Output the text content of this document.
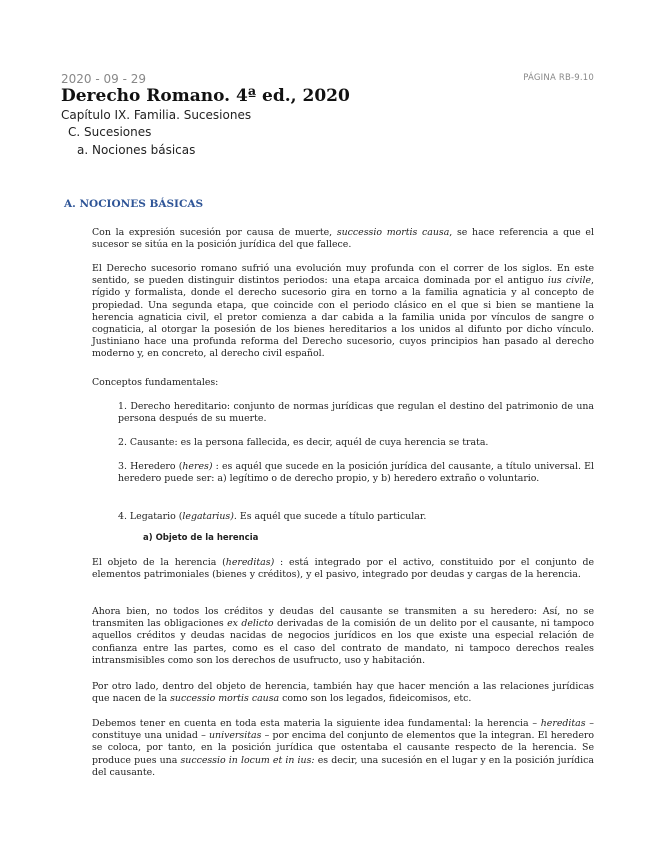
2020 - 09 - 29	PÁGINA RB-9.10
Derecho Romano. 4ª ed., 2020
Capítulo IX. Familia. Sucesiones
C. Sucesiones
a. Nociones básicas
A. NOCIONES BÁSICAS

Con la expresión sucesión por causa de muerte, successio mortis causa, se hace referencia a que el sucesor se sitúa en la posición jurídica del que fallece.

El Derecho sucesorio romano sufrió una evolución muy profunda con el correr de los siglos. En este sentido, se pueden distinguir distintos periodos: una etapa arcaica dominada por el antiguo ius civile, rígido y formalista, donde el derecho sucesorio gira en torno a la familia agnaticia y al concepto de propiedad. Una segunda etapa, que coincide con el periodo clásico en el que si bien se mantiene la herencia agnaticia civil, el pretor comienza a dar cabida a la familia unida por vínculos de sangre o cognaticia, al otorgar la posesión de los bienes hereditarios a los unidos al difunto por dicho vínculo. Justiniano hace una profunda reforma del Derecho sucesorio, cuyos principios han pasado al derecho moderno y, en concreto, al derecho civil español.

Conceptos fundamentales:

1. Derecho hereditario: conjunto de normas jurídicas que regulan el destino del patrimonio de una persona después de su muerte.

2. Causante: es la persona fallecida, es decir, aquél de cuya herencia se trata.

3. Heredero (heres) : es aquél que sucede en la posición jurídica del causante, a título universal. El heredero puede ser: a) legítimo o de derecho propio, y b) heredero extraño o voluntario.

4. Legatario (legatarius). Es aquél que sucede a título particular.

a) Objeto de la herencia

El objeto de la herencia (hereditas) : está integrado por el activo, constituido por el conjunto de elementos patrimoniales (bienes y créditos), y el pasivo, integrado por deudas y cargas de la herencia.

Ahora bien, no todos los créditos y deudas del causante se transmiten a su heredero: Así, no se transmiten las obligaciones ex delicto derivadas de la comisión de un delito por el causante, ni tampoco aquellos créditos y deudas nacidas de negocios jurídicos en los que existe una especial relación de confianza entre las partes, como es el caso del contrato de mandato, ni tampoco derechos reales intransmisibles como son los derechos de usufructo, uso y habitación.

Por otro lado, dentro del objeto de herencia, también hay que hacer mención a las relaciones jurídicas que nacen de la successio mortis causa como son los legados, fideicomisos, etc.

Debemos tener en cuenta en toda esta materia la siguiente idea fundamental: la herencia – hereditas – constituye una unidad – universitas – por encima del conjunto de elementos que la integran. El heredero se coloca, por tanto, en la posición jurídica que ostentaba el causante respecto de la herencia. Se produce pues una successio in locum et in ius: es decir, una sucesión en el lugar y en la posición jurídica del causante.
